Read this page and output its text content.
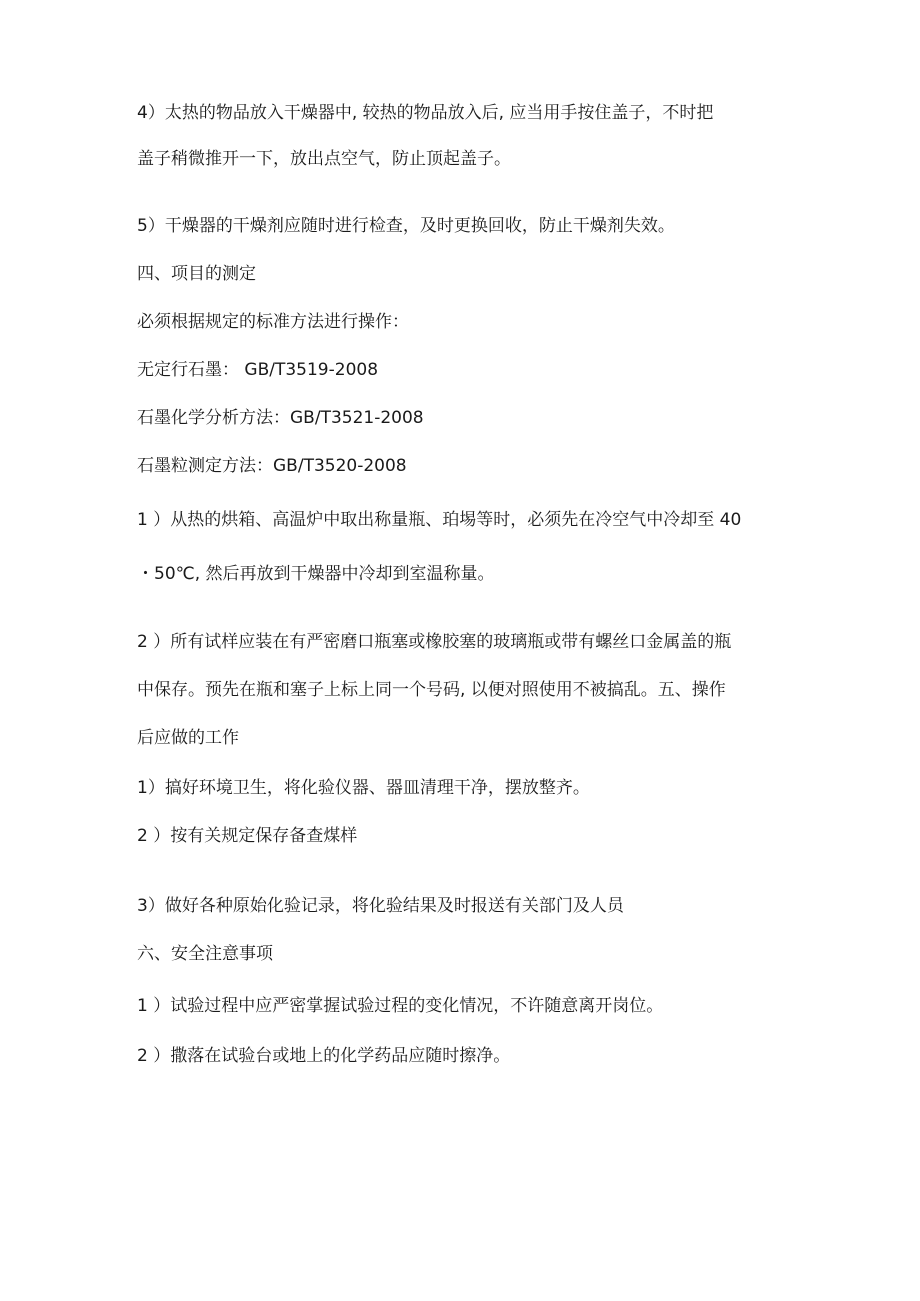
4）太热的物品放入干燥器中, 较热的物品放入后, 应当用手按住盖子，不时把
盖子稍微推开一下，放出点空气，防止顶起盖子。
5）干燥器的干燥剂应随时进行检查，及时更换回收，防止干燥剂失效。
四、项目的测定
必须根据规定的标准方法进行操作：
无定行石墨： GB/T3519-2008
石墨化学分析方法：GB/T3521-2008
石墨粒测定方法：GB/T3520-2008
1 ）从热的烘箱、高温炉中取出称量瓶、珀埸等时，必须先在冷空气中冷却至 40
・50℃, 然后再放到干燥器中冷却到室温称量。
2 ）所有试样应装在有严密磨口瓶塞或橡胶塞的玻璃瓶或带有螺丝口金属盖的瓶
中保存。预先在瓶和塞子上标上同一个号码, 以便对照使用不被搞乱。五、操作
后应做的工作
1）搞好环境卫生，将化验仪器、器皿清理干净，摆放整齐。
2 ）按有关规定保存备查煤样
3）做好各种原始化验记录，将化验结果及时报送有关部门及人员
六、安全注意事项
1 ）试验过程中应严密掌握试验过程的变化情况，不许随意离开岗位。
2 ）撒落在试验台或地上的化学药品应随时擦净。
